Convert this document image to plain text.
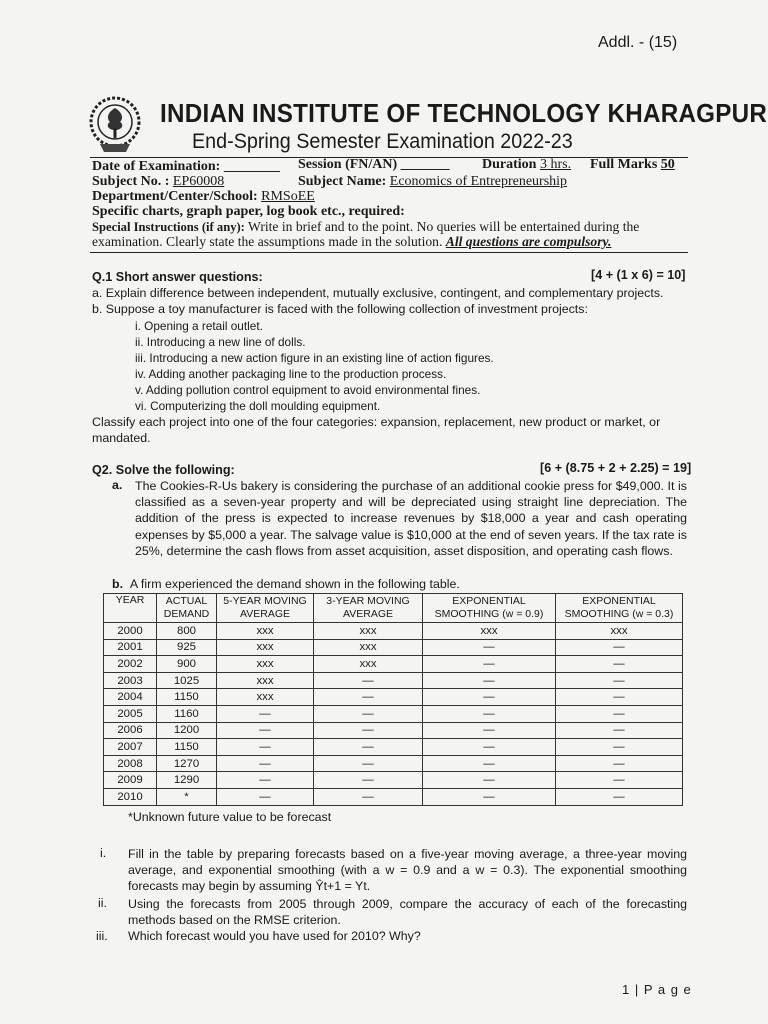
Addl. - (15)
INDIAN INSTITUTE OF TECHNOLOGY KHARAGPUR
End-Spring Semester Examination 2022-23
Date of Examination: ________ Session (FN/AN) _______ Duration 3 hrs. Full Marks 50
Subject No. : EP60008	Subject Name: Economics of Entrepreneurship
Department/Center/School: RMSoEE
Specific charts, graph paper, log book etc., required:
Special Instructions (if any): Write in brief and to the point. No queries will be entertained during the
examination. Clearly state the assumptions made in the solution. All questions are compulsory.
Q.1 Short answer questions:	[4 + (1 x 6) = 10]
a. Explain difference between independent, mutually exclusive, contingent, and complementary projects.
b. Suppose a toy manufacturer is faced with the following collection of investment projects:
i. Opening a retail outlet.
ii. Introducing a new line of dolls.
iii. Introducing a new action figure in an existing line of action figures.
iv. Adding another packaging line to the production process.
v. Adding pollution control equipment to avoid environmental fines.
vi. Computerizing the doll moulding equipment.
Classify each project into one of the four categories: expansion, replacement, new product or market, or
mandated.
Q2. Solve the following:	[6 + (8.75 + 2 + 2.25) = 19]
a. The Cookies-R-Us bakery is considering the purchase of an additional cookie press for $49,000. It is classified as a seven-year property and will be depreciated using straight line depreciation. The addition of the press is expected to increase revenues by $18,000 a year and cash operating expenses by $5,000 a year. The salvage value is $10,000 at the end of seven years. If the tax rate is 25%, determine the cash flows from asset acquisition, asset disposition, and operating cash flows.
b. A firm experienced the demand shown in the following table.
YEAR	ACTUAL DEMAND	5-YEAR MOVING AVERAGE	3-YEAR MOVING AVERAGE	EXPONENTIAL SMOOTHING (w = 0.9)	EXPONENTIAL SMOOTHING (w = 0.3)
2000	800	xxx	xxx	xxx	xxx
2001	925	xxx	xxx	—	—
2002	900	xxx	xxx	—	—
2003	1025	xxx	—	—	—
2004	1150	xxx	—	—	—
2005	1160	—	—	—	—
2006	1200	—	—	—	—
2007	1150	—	—	—	—
2008	1270	—	—	—	—
2009	1290	—	—	—	—
2010	*	—	—	—	—
*Unknown future value to be forecast
i. Fill in the table by preparing forecasts based on a five-year moving average, a three-year moving average, and exponential smoothing (with a w = 0.9 and a w = 0.3). The exponential smoothing forecasts may begin by assuming Ŷt+1 = Yt.
ii. Using the forecasts from 2005 through 2009, compare the accuracy of each of the forecasting methods based on the RMSE criterion.
iii. Which forecast would you have used for 2010? Why?
1 | P a g e
